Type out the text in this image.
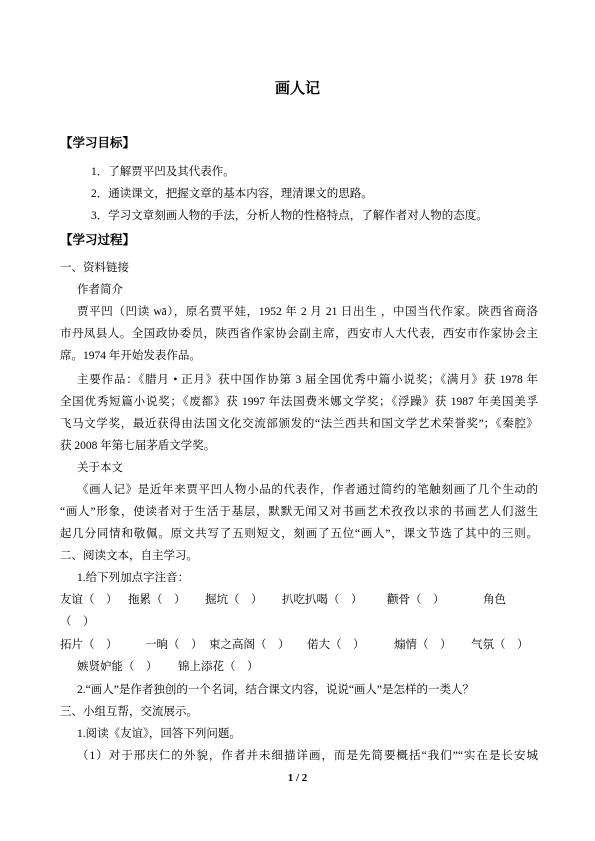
画人记
【学习目标】
1．了解贾平凹及其代表作。
2．通读课文，把握文章的基本内容，理清课文的思路。
3．学习文章刻画人物的手法，分析人物的性格特点，了解作者对人物的态度。
【学习过程】
一、资料链接
作者简介
贾平凹（凹读 wā），原名贾平娃，1952 年 2 月 21 日出生 ，中国当代作家。陕西省商洛
市丹凤县人。全国政协委员，陕西省作家协会副主席，西安市人大代表，西安市作家协会主
席。1974 年开始发表作品。
主要作品：《腊月 • 正月》获中国作协第 3 届全国优秀中篇小说奖；《满月》获 1978 年
全国优秀短篇小说奖；《废都》获 1997 年法国费米娜文学奖；《浮躁》获 1987 年美国美孚
飞马文学奖，最近获得由法国文化交流部颁发的“法兰西共和国文学艺术荣誉奖”；《秦腔》
获 2008 年第七届茅盾文学奖。
关于本文
《画人记》是近年来贾平凹人物小品的代表作，作者通过简约的笔触刻画了几个生动的
“画人”形象，使读者对于生活于基层，默默无闻又对书画艺术孜孜以求的书画艺人们滋生
起几分同情和敬佩。原文共写了五则短文，刻画了五位“画人”，课文节选了其中的三则。
二、阅读文本，自主学习。
1.给下列加点字注音：
友谊（    ） 拖累（    ） 掘坑（    ） 扒吃扒喝（    ） 颧骨（    ）	角色
（    ）
拓片（    ） 一晌（    ） 束之高阁（    ） 偌大（    ）	煽情（    ） 气氛（    ）
嫉贤妒能（    ） 锦上添花（    ）
2.“画人”是作者独创的一个名词，结合课文内容，说说“画人”是怎样的一类人？
三、小组互帮，交流展示。
1.阅读《友谊》，回答下列问题。
（1）对于邢庆仁的外貌，作者并未细描详画，而是先简要概括“我们”“实在是长安城
1 / 2
